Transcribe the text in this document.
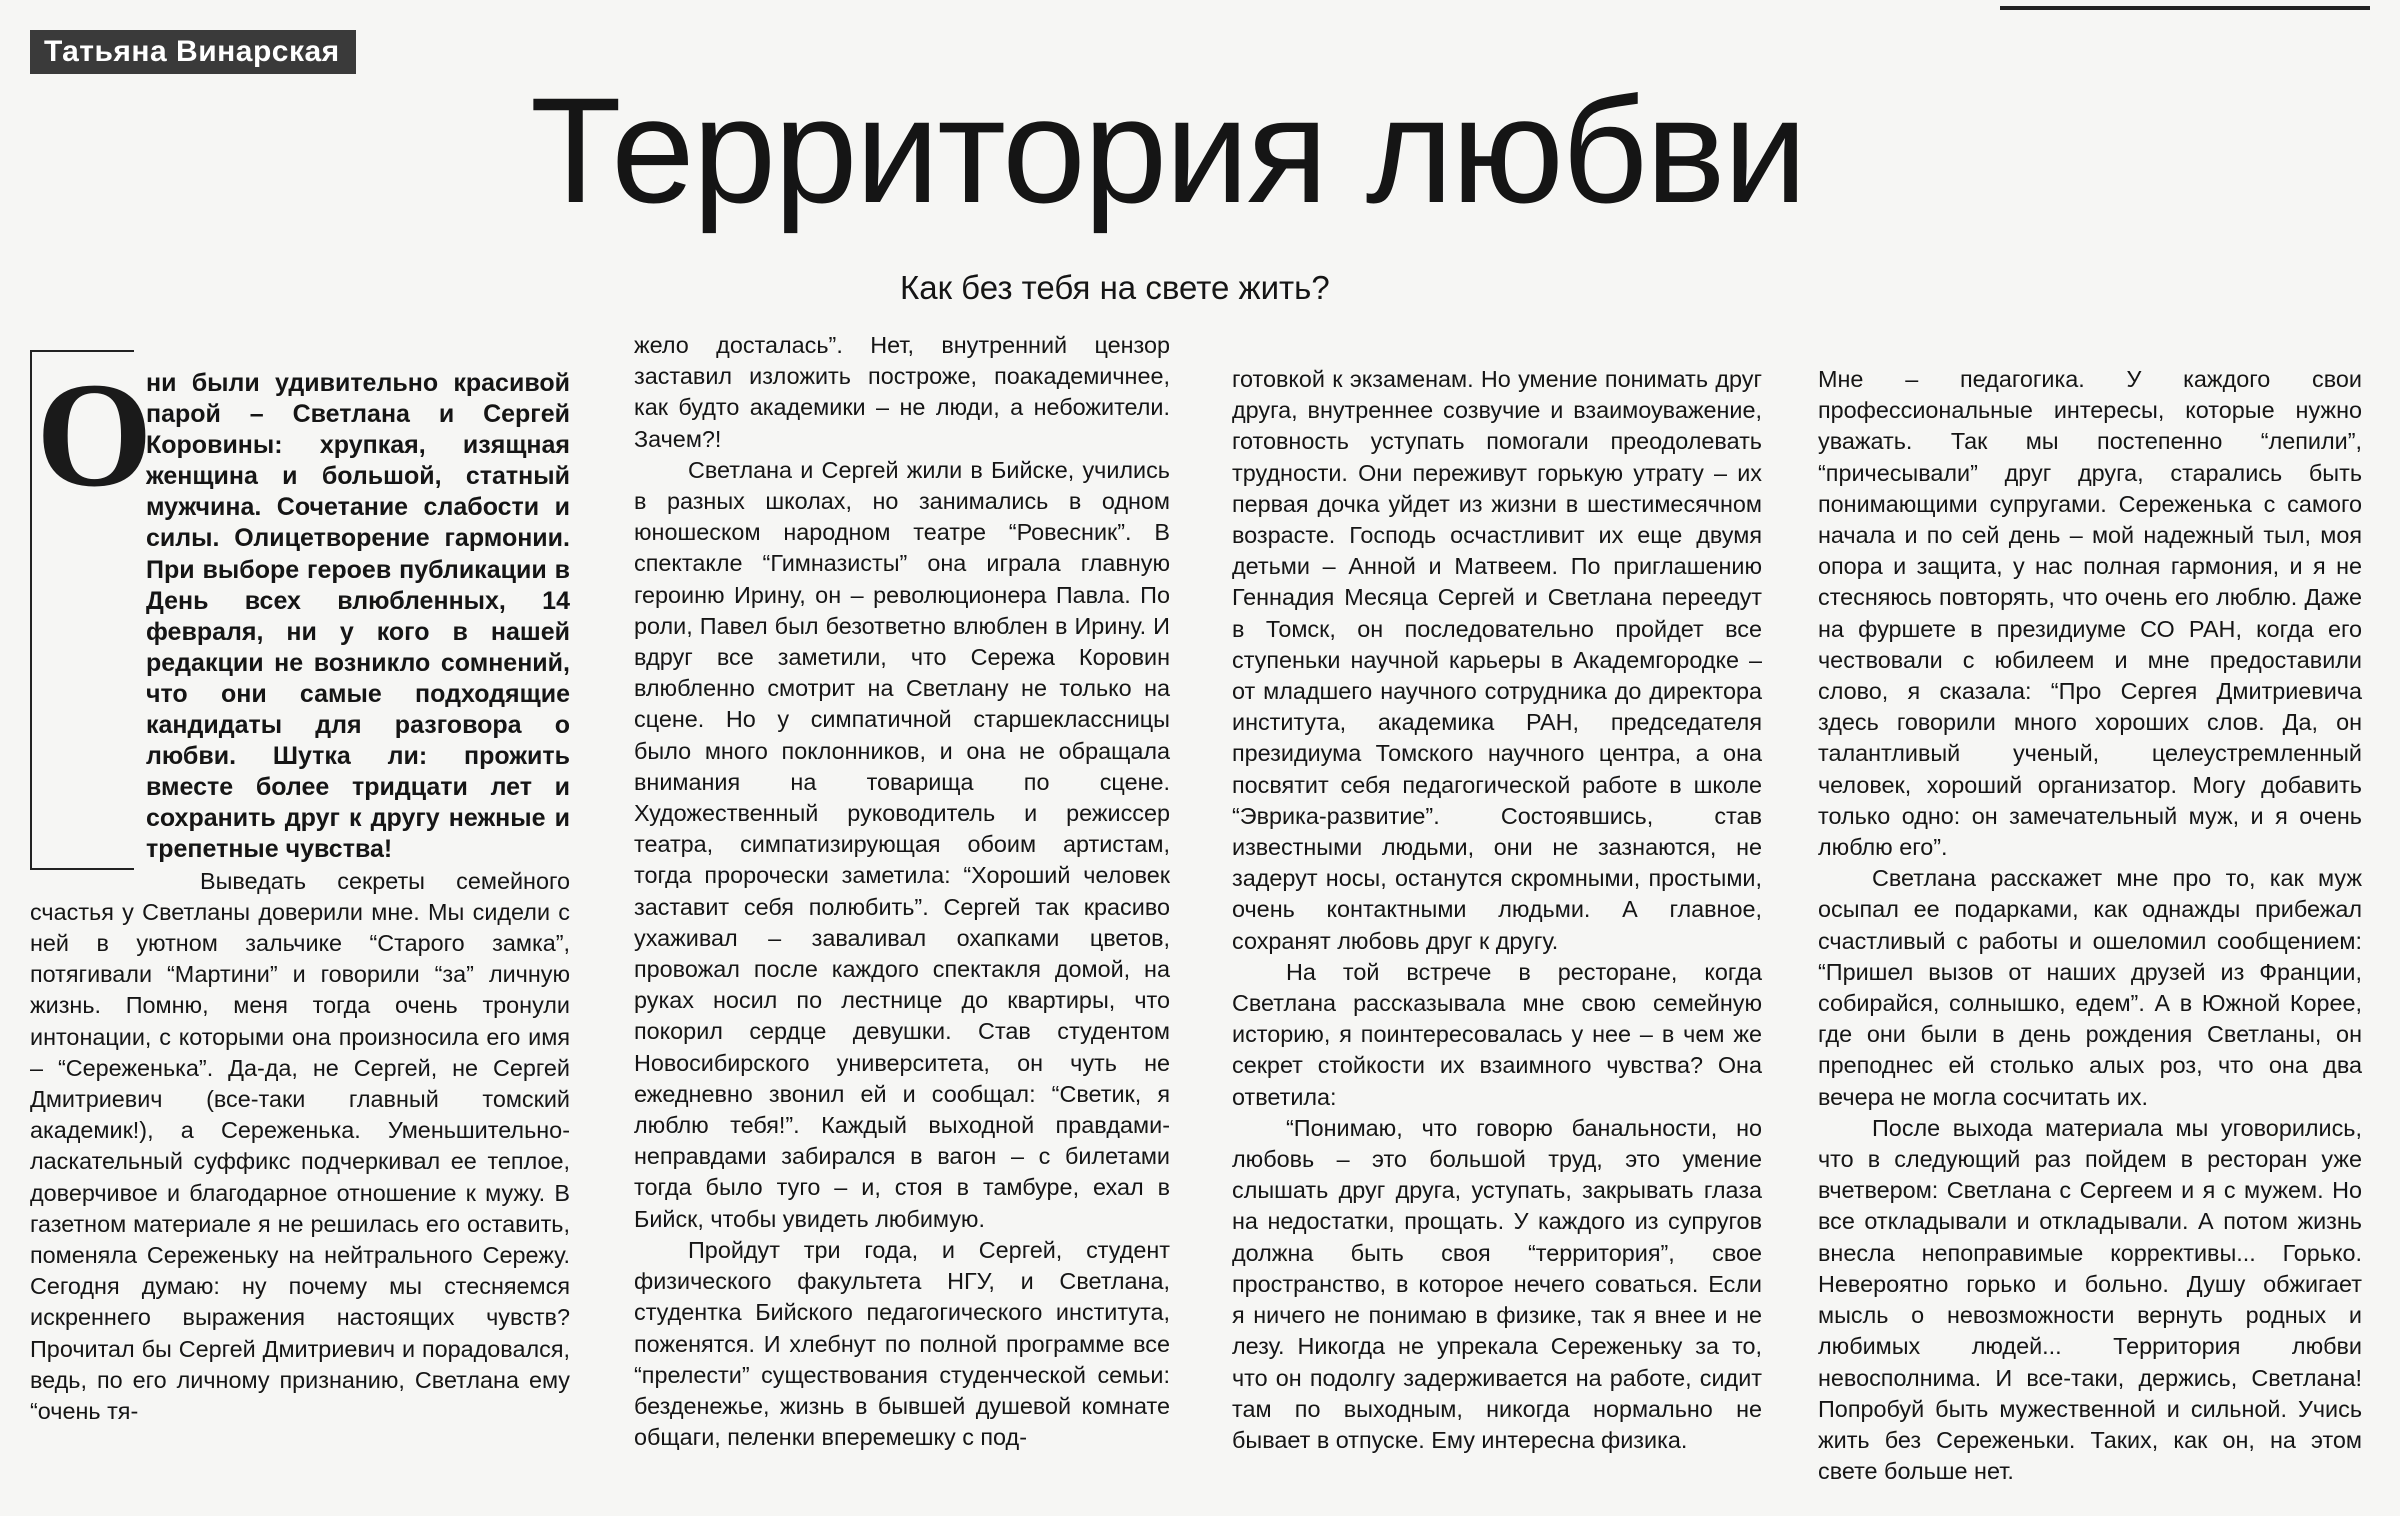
Татьяна Винарская
Территория любви
Как без тебя на свете жить?
О

ни были удивительно красивой парой – Светлана и Сергей Коровины: хрупкая, изящная женщина и большой, статный мужчина. Сочетание слабости и силы. Олицетворение гармонии. При выборе героев публикации в День всех влюбленных, 14 февраля, ни у кого в нашей редакции не возникло сомнений, что они самые подходящие кандидаты для разговора о любви. Шутка ли: прожить вместе более тридцати лет и сохранить друг к другу нежные и трепетные чувства!

Выведать секреты семейного счастья у Светланы доверили мне. Мы сидели с ней в уютном зальчике “Старого замка”, потягивали “Мартини” и говорили “за” личную жизнь. Помню, меня тогда очень тронули интонации, с которыми она произносила его имя – “Сереженька”. Да-да, не Сергей, не Сергей Дмитриевич (все-таки главный томский академик!), а Сереженька. Уменьшительно-ласкательный суффикс подчеркивал ее теплое, доверчивое и благодарное отношение к мужу. В газетном материале я не решилась его оставить, поменяла Сереженьку на нейтрального Сережу. Сегодня думаю: ну почему мы стесняемся искреннего выражения настоящих чувств? Прочитал бы Сергей Дмитриевич и порадовался, ведь, по его личному признанию, Светлана ему “очень тя-

жело досталась”. Нет, внутренний цензор заставил изложить построже, поакадемичнее, как будто академики – не люди, а небожители. Зачем?!

Светлана и Сергей жили в Бийске, учились в разных школах, но занимались в одном юношеском народном театре “Ровесник”. В спектакле “Гимназисты” она играла главную героиню Ирину, он – революционера Павла. По роли, Павел был безответно влюблен в Ирину. И вдруг все заметили, что Сережа Коровин влюбленно смотрит на Светлану не только на сцене. Но у симпатичной старшеклассницы было много поклонников, и она не обращала внимания на товарища по сцене. Художественный руководитель и режиссер театра, симпатизирующая обоим артистам, тогда пророчески заметила: “Хороший человек заставит себя полюбить”. Сергей так красиво ухаживал – заваливал охапками цветов, провожал после каждого спектакля домой, на руках носил по лестнице до квартиры, что покорил сердце девушки. Став студентом Новосибирского университета, он чуть не ежедневно звонил ей и сообщал: “Светик, я люблю тебя!”. Каждый выходной правдами-неправдами забирался в вагон – с билетами тогда было туго – и, стоя в тамбуре, ехал в Бийск, чтобы увидеть любимую.

Пройдут три года, и Сергей, студент физического факультета НГУ, и Светлана, студентка Бийского педагогического института, поженятся. И хлебнут по полной программе все “прелести” существования студенческой семьи: безденежье, жизнь в бывшей душевой комнате общаги, пеленки вперемешку с под-

готовкой к экзаменам. Но умение понимать друг друга, внутреннее созвучие и взаимоуважение, готовность уступать помогали преодолевать трудности. Они переживут горькую утрату – их первая дочка уйдет из жизни в шестимесячном возрасте. Господь осчастливит их еще двумя детьми – Анной и Матвеем. По приглашению Геннадия Месяца Сергей и Светлана переедут в Томск, он последовательно пройдет все ступеньки научной карьеры в Академгородке – от младшего научного сотрудника до директора института, академика РАН, председателя президиума Томского научного центра, а она посвятит себя педагогической работе в школе “Эврика-развитие”. Состоявшись, став известными людьми, они не зазнаются, не задерут носы, останутся скромными, простыми, очень контактными людьми. А главное, сохранят любовь друг к другу.

На той встрече в ресторане, когда Светлана рассказывала мне свою семейную историю, я поинтересовалась у нее – в чем же секрет стойкости их взаимного чувства? Она ответила:

“Понимаю, что говорю банальности, но любовь – это большой труд, это умение слышать друг друга, уступать, закрывать глаза на недостатки, прощать. У каждого из супругов должна быть своя “территория”, свое пространство, в которое нечего соваться. Если я ничего не понимаю в физике, так я внее и не лезу. Никогда не упрекала Сереженьку за то, что он подолгу задерживается на работе, сидит там по выходным, никогда нормально не бывает в отпуске. Ему интересна физика.

Мне – педагогика. У каждого свои профессиональные интересы, которые нужно уважать. Так мы постепенно “лепили”, “причесывали” друг друга, старались быть понимающими супругами. Сереженька с самого начала и по сей день – мой надежный тыл, моя опора и защита, у нас полная гармония, и я не стесняюсь повторять, что очень его люблю. Даже на фуршете в президиуме СО РАН, когда его чествовали с юбилеем и мне предоставили слово, я сказала: “Про Сергея Дмитриевича здесь говорили много хороших слов. Да, он талантливый ученый, целеустремленный человек, хороший организатор. Могу добавить только одно: он замечательный муж, и я очень люблю его”.

Светлана расскажет мне про то, как муж осыпал ее подарками, как однажды прибежал счастливый с работы и ошеломил сообщением: “Пришел вызов от наших друзей из Франции, собирайся, солнышко, едем”. А в Южной Корее, где они были в день рождения Светланы, он преподнес ей столько алых роз, что она два вечера не могла сосчитать их.

После выхода материала мы уговорились, что в следующий раз пойдем в ресторан уже вчетвером: Светлана с Сергеем и я с мужем. Но все откладывали и откладывали. А потом жизнь внесла непоправимые коррективы... Горько. Невероятно горько и больно. Душу обжигает мысль о невозможности вернуть родных и любимых людей... Территория любви невосполнима. И все-таки, держись, Светлана! Попробуй быть мужественной и сильной. Учись жить без Сереженьки. Таких, как он, на этом свете больше нет.
